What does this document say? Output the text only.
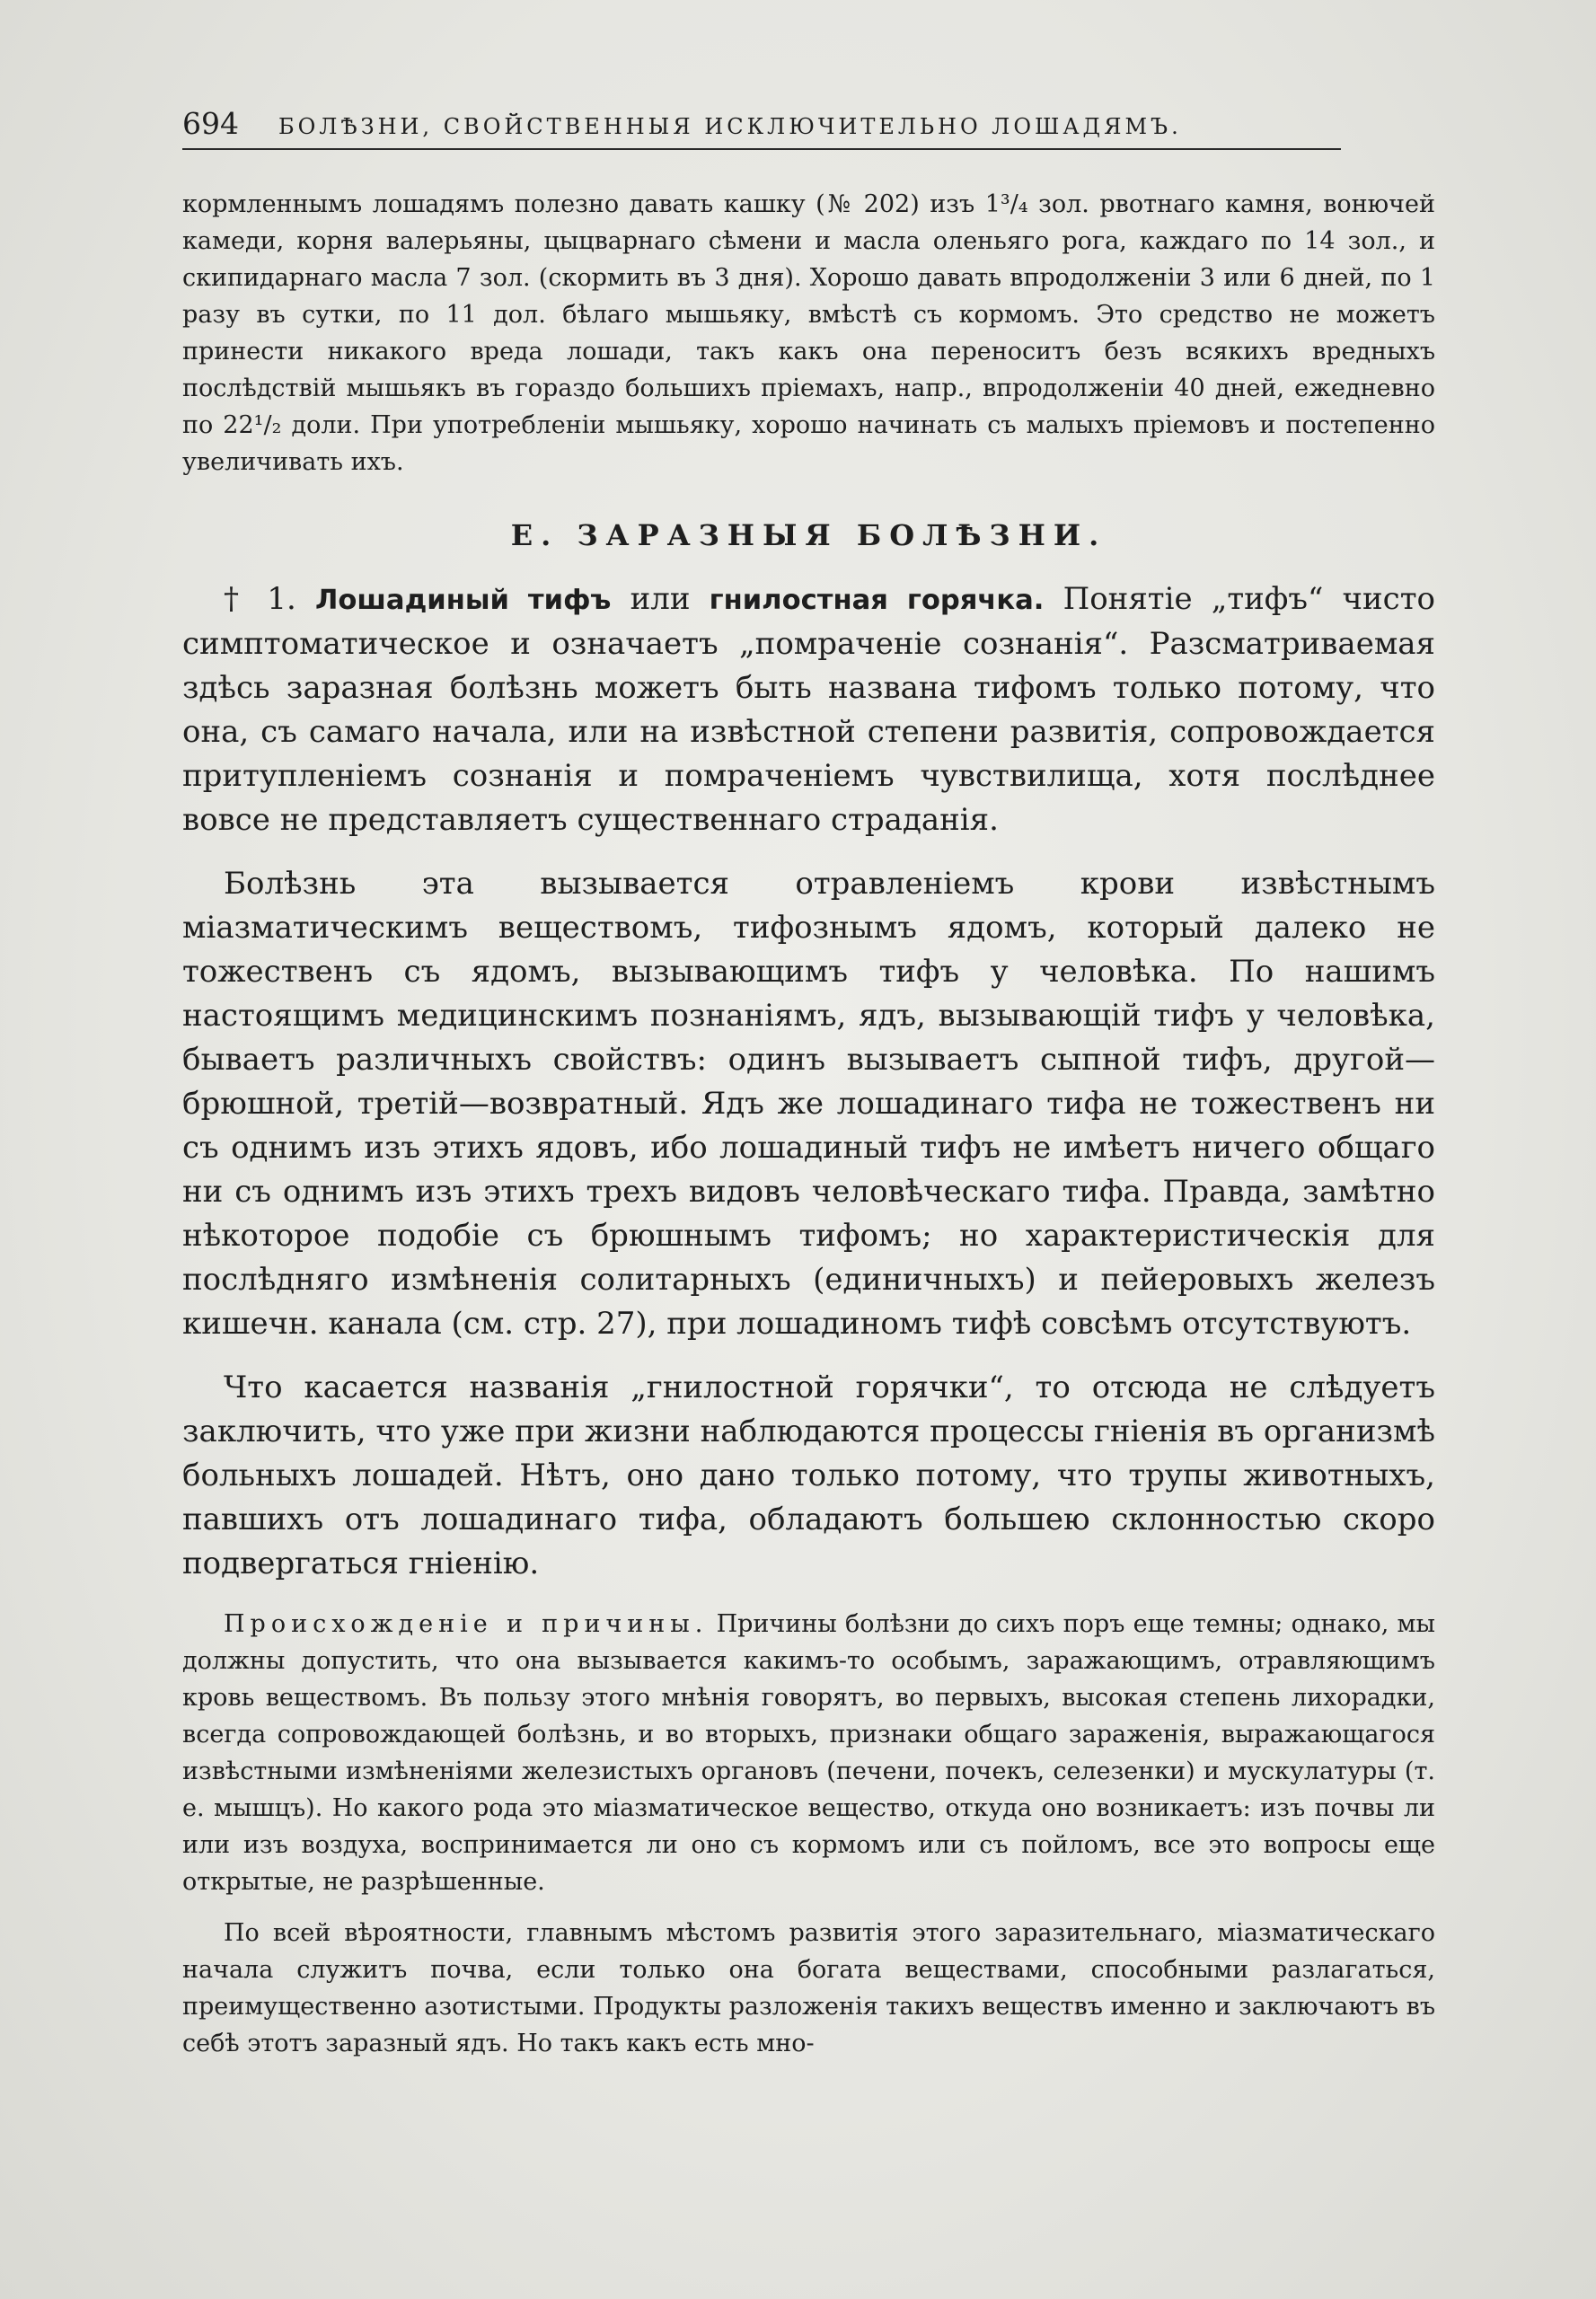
694 БОЛѢЗНИ, СВОЙСТВЕННЫЯ ИСКЛЮЧИТЕЛЬНО ЛОШАДЯМЪ.

кормленнымъ лошадямъ полезно давать кашку (№ 202) изъ 1³/₄ зол. рвотнаго камня, вонючей камеди, корня валерьяны, цыцварнаго сѣмени и масла оленьяго рога, каждаго по 14 зол., и скипидарнаго масла 7 зол. (скормить въ 3 дня). Хорошо давать впродолженіи 3 или 6 дней, по 1 разу въ сутки, по 11 дол. бѣлаго мышьяку, вмѣстѣ съ кормомъ. Это средство не можетъ принести никакого вреда лошади, такъ какъ она переноситъ безъ всякихъ вредныхъ послѣдствій мышьякъ въ гораздо большихъ пріемахъ, напр., впродолженіи 40 дней, ежедневно по 22¹/₂ доли. При употребленіи мышьяку, хорошо начинать съ малыхъ пріемовъ и постепенно увеличивать ихъ.

Е. ЗАРАЗНЫЯ БОЛѢЗНИ.

† 1. Лошадиный тифъ или гнилостная горячка. Понятіе „тифъ“ чисто симптоматическое и означаетъ „помраченіе сознанія“. Разсматриваемая здѣсь заразная болѣзнь можетъ быть названа тифомъ только потому, что она, съ самаго начала, или на извѣстной степени развитія, сопровождается притупленіемъ сознанія и помраченіемъ чувствилища, хотя послѣднее вовсе не представляетъ существеннаго страданія.

Болѣзнь эта вызывается отравленіемъ крови извѣстнымъ міазматическимъ веществомъ, тифознымъ ядомъ, который далеко не тожественъ съ ядомъ, вызывающимъ тифъ у человѣка. По нашимъ настоящимъ медицинскимъ познаніямъ, ядъ, вызывающій тифъ у человѣка, бываетъ различныхъ свойствъ: одинъ вызываетъ сыпной тифъ, другой—брюшной, третій—возвратный. Ядъ же лошадинаго тифа не тожественъ ни съ однимъ изъ этихъ ядовъ, ибо лошадиный тифъ не имѣетъ ничего общаго ни съ однимъ изъ этихъ трехъ видовъ человѣческаго тифа. Правда, замѣтно нѣкоторое подобіе съ брюшнымъ тифомъ; но характеристическія для послѣдняго измѣненія солитарныхъ (единичныхъ) и пейеровыхъ железъ кишечн. канала (см. стр. 27), при лошадиномъ тифѣ совсѣмъ отсутствуютъ.

Что касается названія „гнилостной горячки“, то отсюда не слѣдуетъ заключить, что уже при жизни наблюдаются процессы гніенія въ организмѣ больныхъ лошадей. Нѣтъ, оно дано только потому, что трупы животныхъ, павшихъ отъ лошадинаго тифа, обладаютъ большею склонностью скоро подвергаться гніенію.

Происхожденіе и причины. Причины болѣзни до сихъ поръ еще темны; однако, мы должны допустить, что она вызывается какимъ-то особымъ, заражающимъ, отравляющимъ кровь веществомъ. Въ пользу этого мнѣнія говорятъ, во первыхъ, высокая степень лихорадки, всегда сопровождающей болѣзнь, и во вторыхъ, признаки общаго зараженія, выражающагося извѣстными измѣненіями железистыхъ органовъ (печени, почекъ, селезенки) и мускулатуры (т. е. мышцъ). Но какого рода это міазматическое вещество, откуда оно возникаетъ: изъ почвы ли или изъ воздуха, воспринимается ли оно съ кормомъ или съ пойломъ, все это вопросы еще открытые, не разрѣшенные.

По всей вѣроятности, главнымъ мѣстомъ развитія этого заразительнаго, міазматическаго начала служитъ почва, если только она богата веществами, способными разлагаться, преимущественно азотистыми. Продукты разложенія такихъ веществъ именно и заключаютъ въ себѣ этотъ заразный ядъ. Но такъ какъ есть мно-
